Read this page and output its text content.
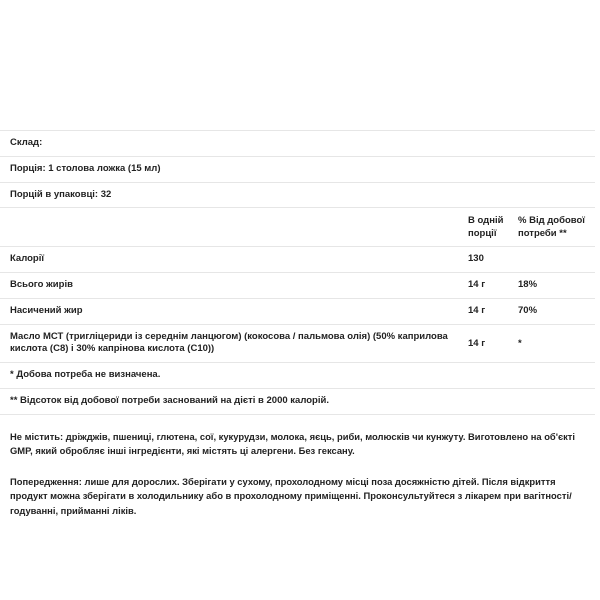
Склад:		
Порція: 1 столова ложка (15 мл)		
Порцій в упаковці: 32		
	В одній порції	% Від добової потреби **
Калорії	130	
Всього жирів	14 г	18%
Насичений жир	14 г	70%
Масло МСТ (тригліцериди із середнім ланцюгом) (кокосова / пальмова олія) (50% каприлова кислота (C8) і 30% капрінова кислота (C10))	14 г	*
* Добова потреба не визначена.		
** Відсоток від добової потреби заснований на дієті в 2000 калорій.		

Не містить: дріжджів, пшениці, глютена, сої, кукурудзи, молока, яєць, риби, молюсків чи кунжуту. Виготовлено на об'єкті GMP, який обробляє інші інгредієнти, які містять ці алергени. Без гексану.

Попередження: лише для дорослих. Зберігати у сухому, прохолодному місці поза досяжністю дітей. Після відкриття продукт можна зберігати в холодильнику або в прохолодному приміщенні. Проконсультуйтеся з лікарем при вагітності/годуванні, прийманні ліків.
